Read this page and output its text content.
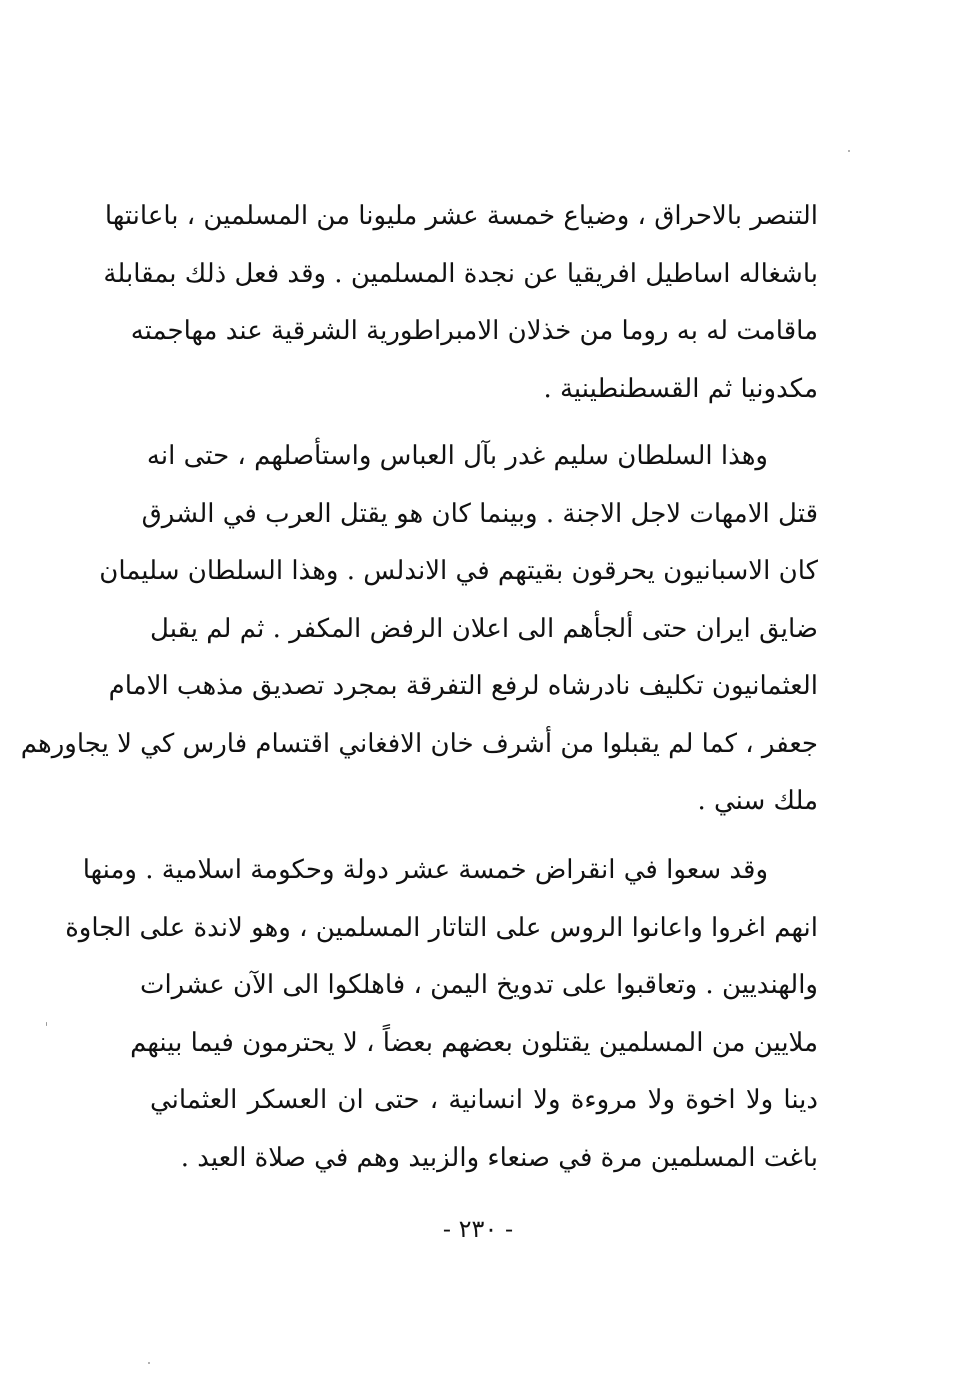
التنصر بالاحراق ، وضياع خمسة عشر مليونا من المسلمين ، باعانتها
باشغاله اساطيل افريقيا عن نجدة المسلمين . وقد فعل ذلك بمقابلة
ماقامت له به روما من خذلان الامبراطورية الشرقية عند مهاجمته
مكدونيا ثم القسطنطينية .
وهذا السلطان سليم غدر بآل العباس واستأصلهم ، حتى انه
قتل الامهات لاجل الاجنة . وبينما كان هو يقتل العرب في الشرق
كان الاسبانيون يحرقون بقيتهم في الاندلس . وهذا السلطان سليمان
ضايق ايران حتى ألجأهم الى اعلان الرفض المكفر . ثم لم يقبل
العثمانيون تكليف نادرشاه لرفع التفرقة بمجرد تصديق مذهب الامام
جعفر ، كما لم يقبلوا من أشرف خان الافغاني اقتسام فارس كي لا يجاورهم
ملك سني .
وقد سعوا في انقراض خمسة عشر دولة وحكومة اسلامية . ومنها
انهم اغروا واعانوا الروس على التاتار المسلمين ، وهو لاندة على الجاوة
والهنديين . وتعاقبوا على تدويخ اليمن ، فاهلكوا الى الآن عشرات
ملايين من المسلمين يقتلون بعضهم بعضاً ، لا يحترمون فيما بينهم
دينا ولا اخوة ولا مروءة ولا انسانية ، حتى ان العسكر العثماني
باغت المسلمين مرة في صنعاء والزبيد وهم في صلاة العيد .
- ٢٣٠ -
